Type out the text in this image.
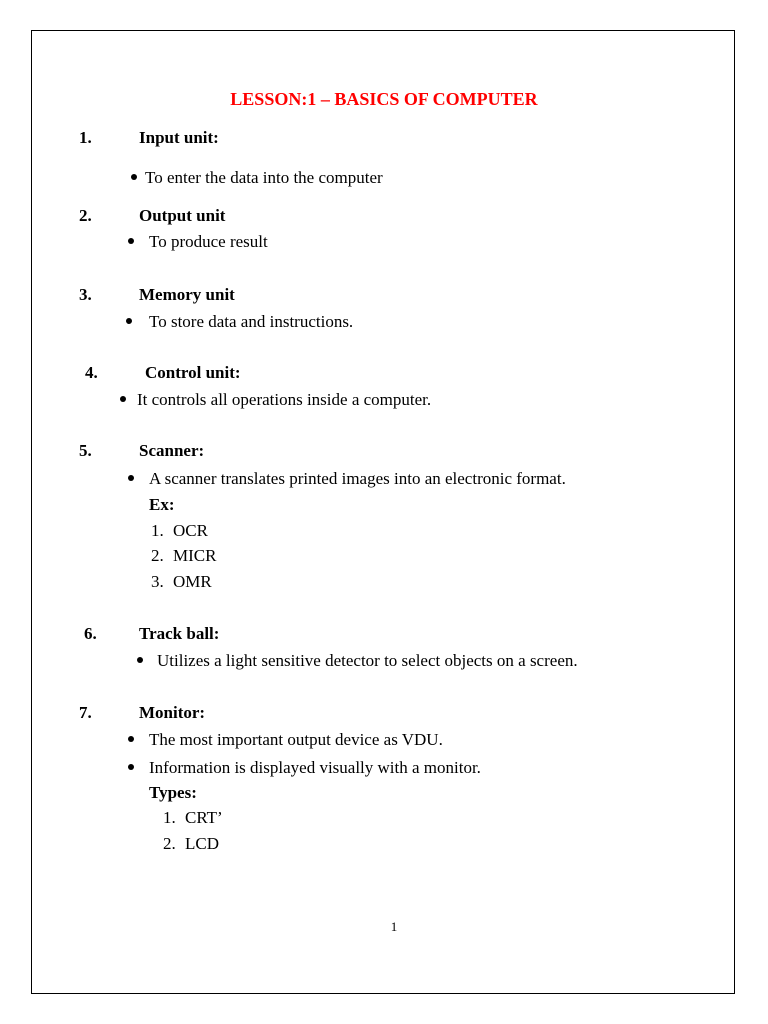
LESSON:1 – BASICS OF COMPUTER
1.	Input unit:
To enter the data into the computer
2.	Output unit
To produce result
3.	Memory unit
To store data and instructions.
4.	Control unit:
It controls all operations inside a computer.
5.	Scanner:
A scanner translates printed images into an electronic format.
Ex:
1. OCR
2. MICR
3. OMR
6. Track ball:
Utilizes a light sensitive detector to select objects on a screen.
7.	Monitor:
The most important output device as VDU.
Information is displayed visually with a monitor.
Types:
1. CRT’
2. LCD
1
